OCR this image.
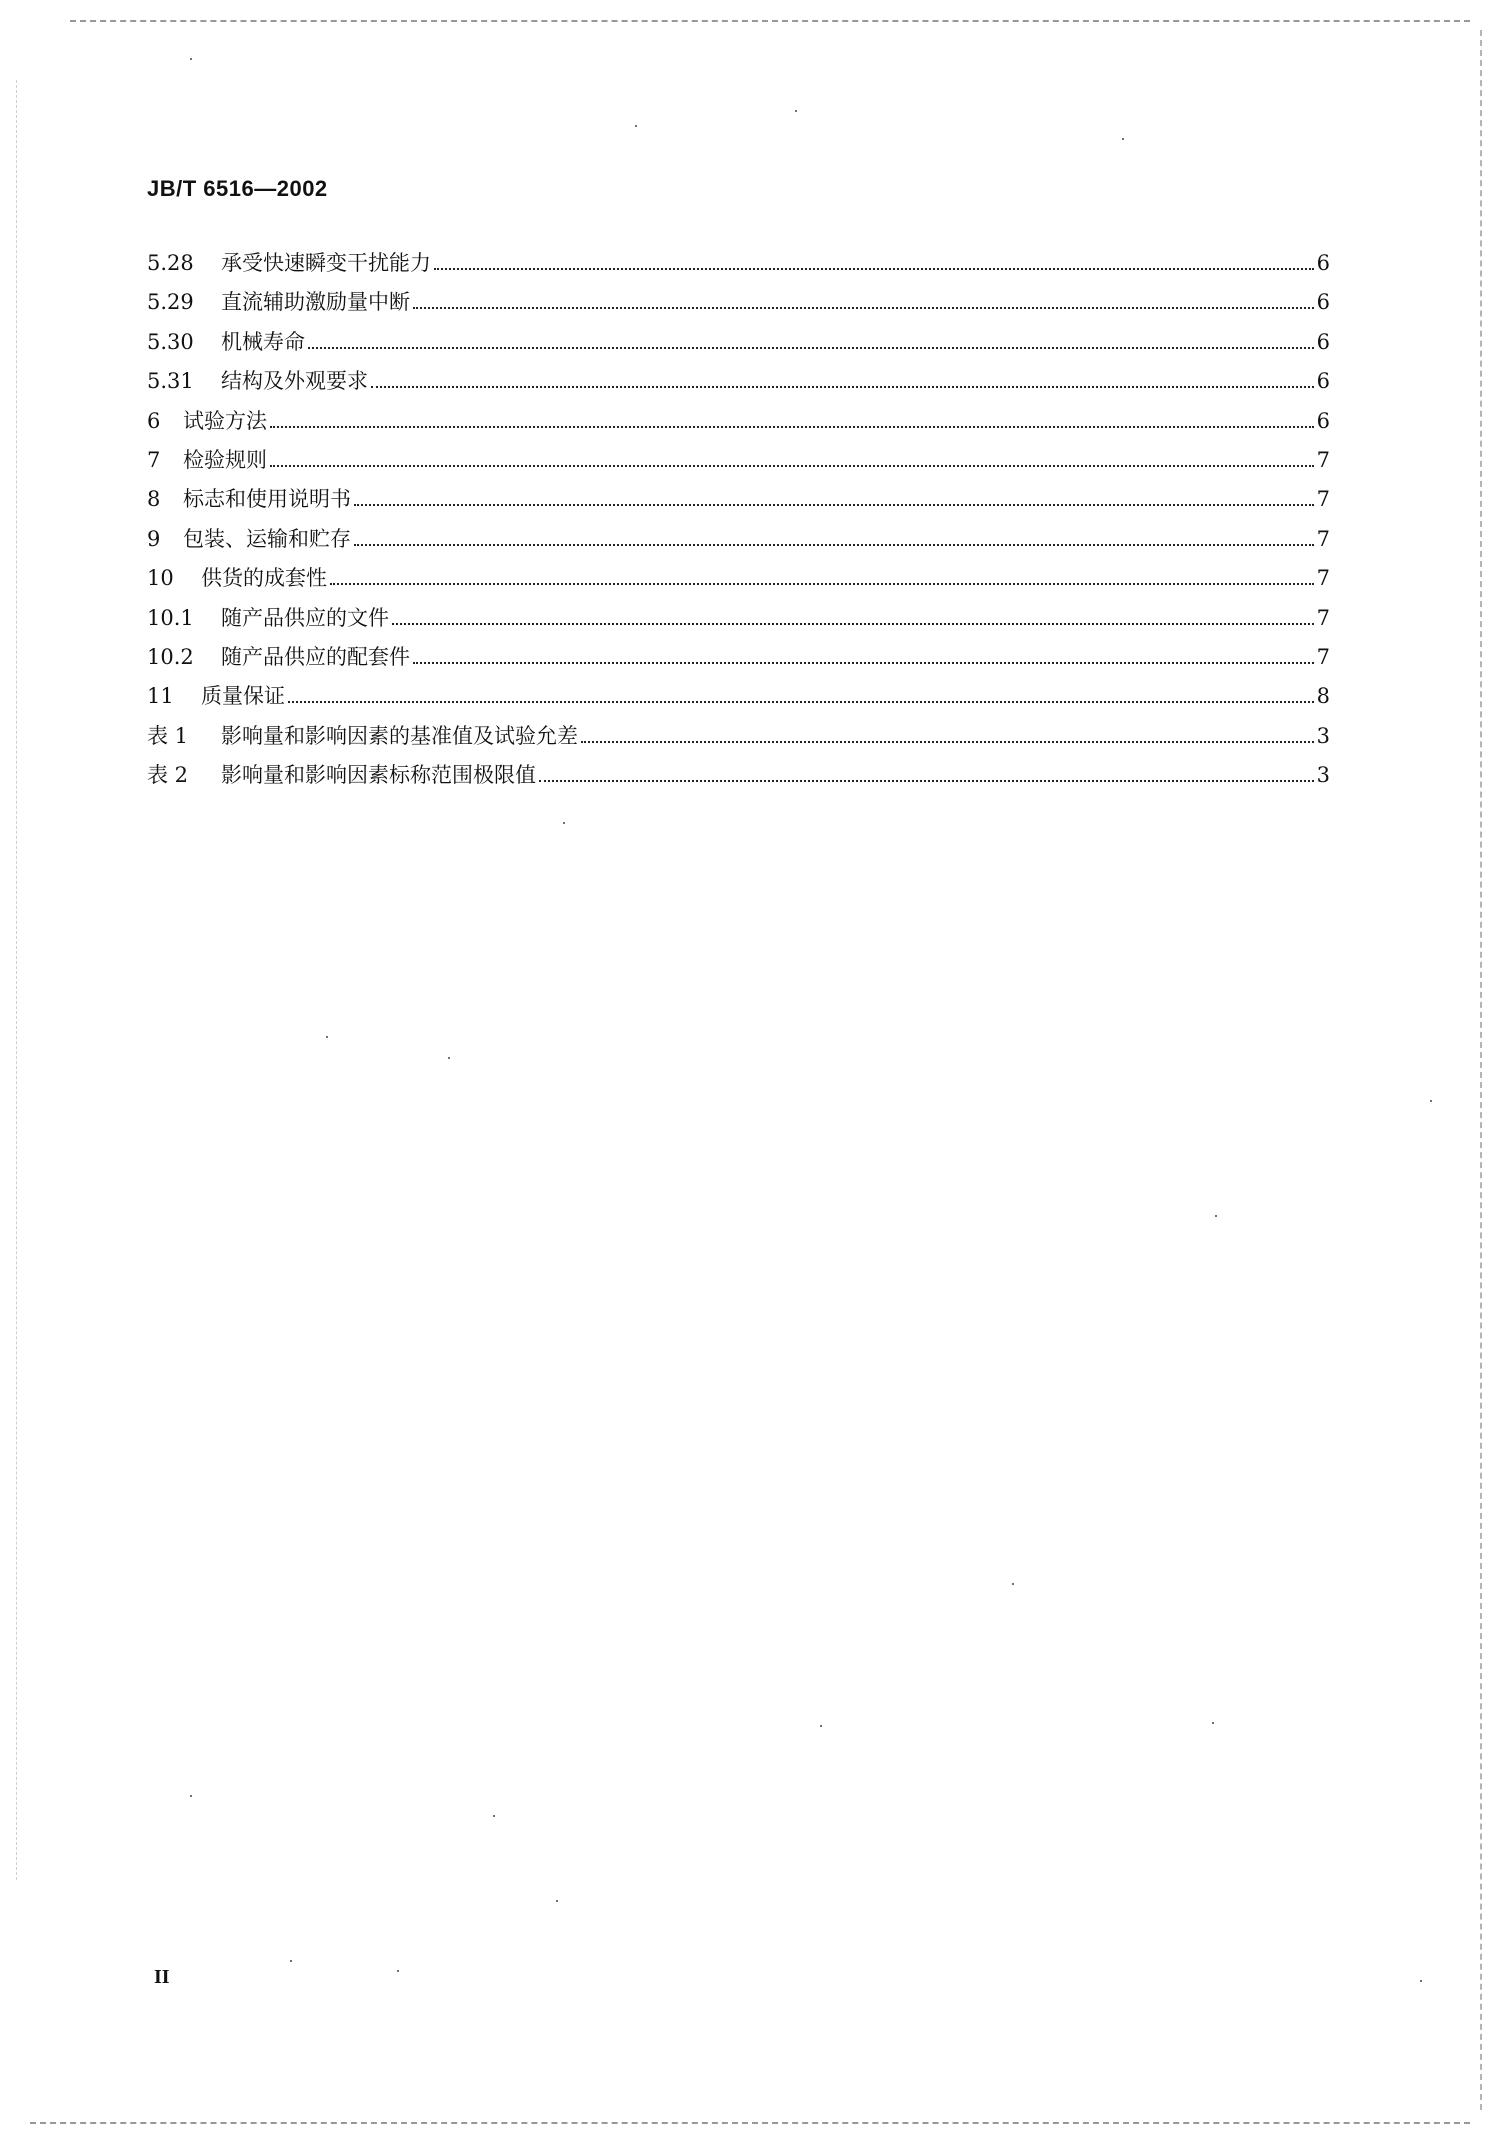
JB/T 6516—2002
5.28	承受快速瞬变干扰能力	6
5.29	直流辅助激励量中断	6
5.30	机械寿命	6
5.31	结构及外观要求	6
6	试验方法	6
7	检验规则	7
8	标志和使用说明书	7
9	包装、运输和贮存	7
10	供货的成套性	7
10.1	随产品供应的文件	7
10.2	随产品供应的配套件	7
11	质量保证	8
表 1	影响量和影响因素的基准值及试验允差	3
表 2	影响量和影响因素标称范围极限值	3
II
